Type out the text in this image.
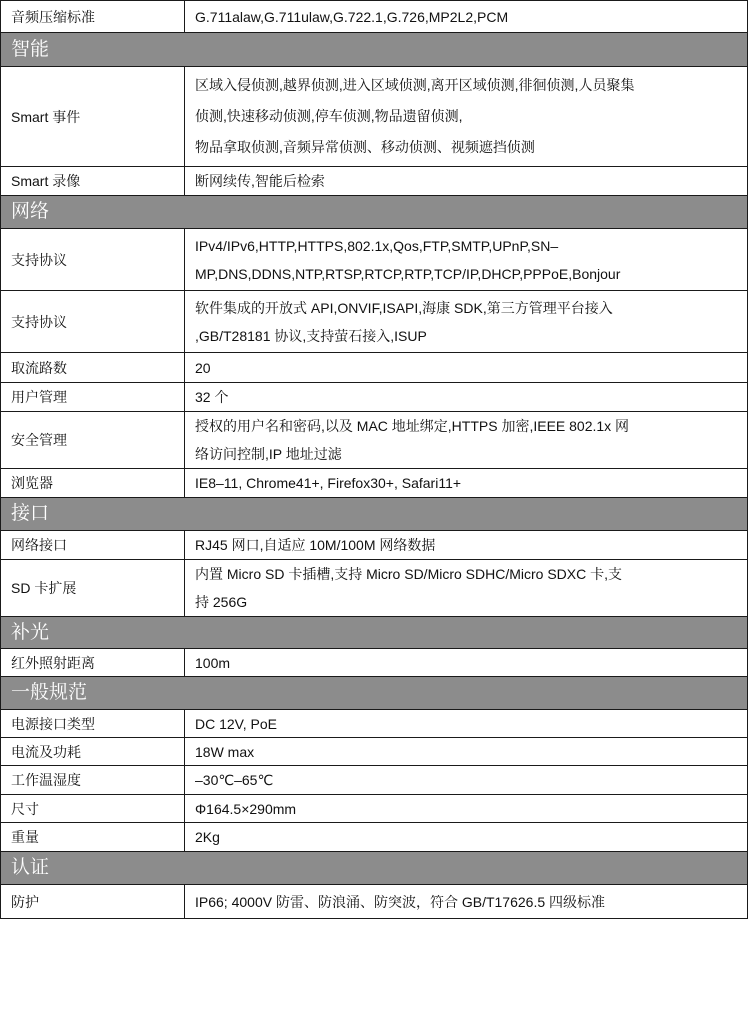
音频压缩标准	G.711alaw,G.711ulaw,G.722.1,G.726,MP2L2,PCM

智能	
Smart 事件	区域入侵侦测,越界侦测,进入区域侦测,离开区域侦测,徘徊侦测,人员聚集
侦测,快速移动侦测,停车侦测,物品遗留侦测,
物品拿取侦测,音频异常侦测、移动侦测、视频遮挡侦测

Smart 录像	断网续传,智能后检索

网络	
支持协议	IPv4/IPv6,HTTP,HTTPS,802.1x,Qos,FTP,SMTP,UPnP,SN–
MP,DNS,DDNS,NTP,RTSP,RTCP,RTP,TCP/IP,DHCP,PPPoE,Bonjour

支持协议	软件集成的开放式 API,ONVIF,ISAPI,海康 SDK,第三方管理平台接入
,GB/T28181 协议,支持萤石接入,ISUP

取流路数	20

用户管理	32 个

安全管理	授权的用户名和密码,以及 MAC 地址绑定,HTTPS 加密,IEEE 802.1x 网
络访问控制,IP 地址过滤

浏览器	IE8–11, Chrome41+, Firefox30+, Safari11+

接口	
网络接口	RJ45 网口,自适应 10M/100M 网络数据

SD 卡扩展	内置 Micro SD 卡插槽,支持 Micro SD/Micro SDHC/Micro SDXC 卡,支
持 256G

补光	
红外照射距离	100m

一般规范	
电源接口类型	DC 12V, PoE

电流及功耗	18W max

工作温湿度	–30℃–65℃

尺寸	Φ164.5×290mm

重量	2Kg

认证	
防护	IP66; 4000V 防雷、防浪涌、防突波，符合 GB/T17626.5 四级标准
